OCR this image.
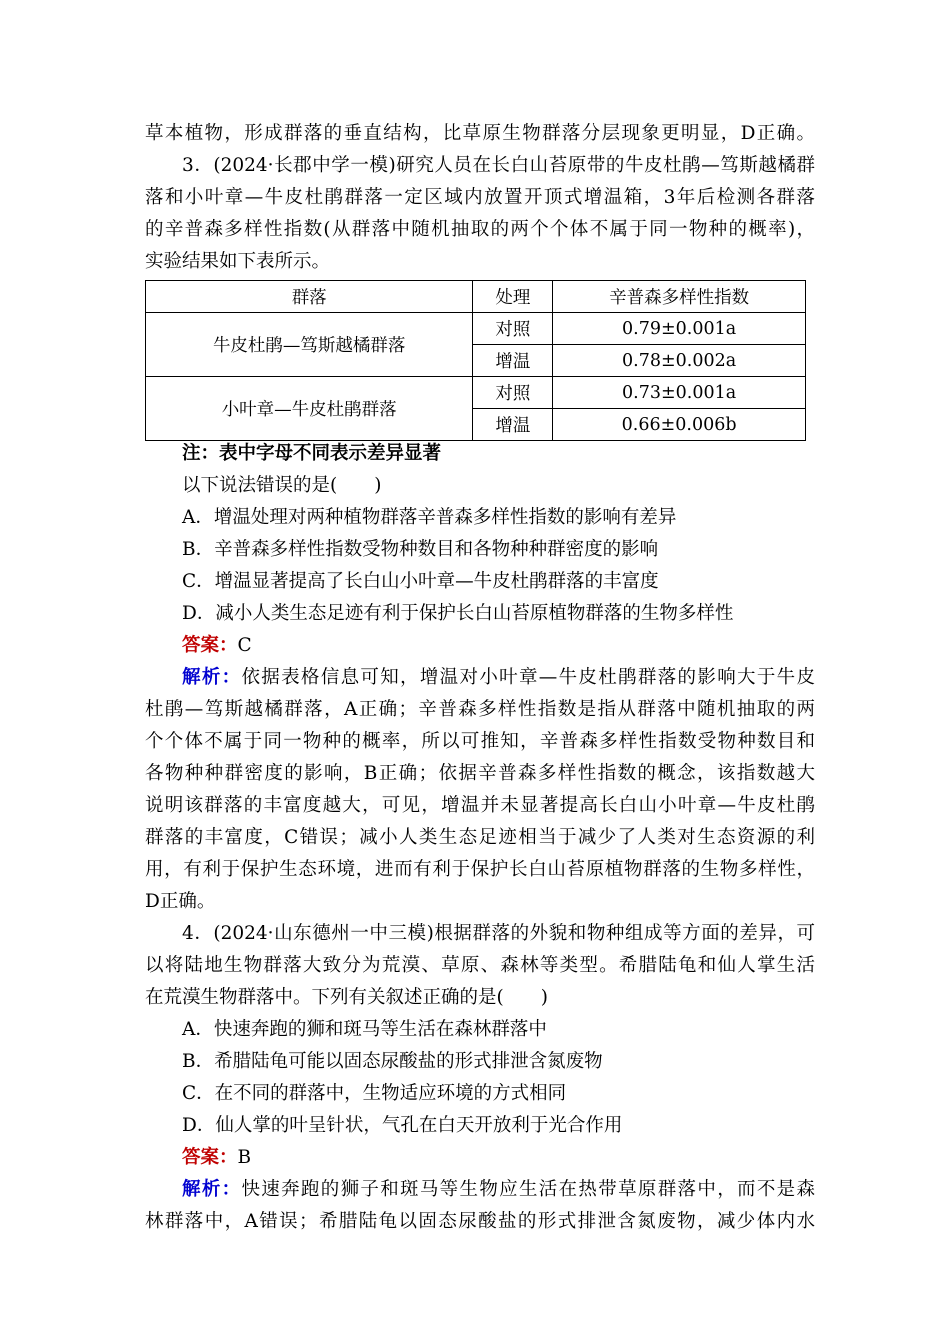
草本植物，形成群落的垂直结构，比草原生物群落分层现象更明显，D正确。
3．(2024·长郡中学一模)研究人员在长白山苔原带的牛皮杜鹃—笃斯越橘群
落和小叶章—牛皮杜鹃群落一定区域内放置开顶式增温箱，3年后检测各群落
的辛普森多样性指数(从群落中随机抽取的两个个体不属于同一物种的概率)，
实验结果如下表所示。
群落	处理	辛普森多样性指数
牛皮杜鹃—笃斯越橘群落	对照	0.79±0.001a
	增温	0.78±0.002a
小叶章—牛皮杜鹃群落	对照	0.73±0.001a
	增温	0.66±0.006b
注：表中字母不同表示差异显著
以下说法错误的是(　　)
A．增温处理对两种植物群落辛普森多样性指数的影响有差异
B．辛普森多样性指数受物种数目和各物种种群密度的影响
C．增温显著提高了长白山小叶章—牛皮杜鹃群落的丰富度
D．减小人类生态足迹有利于保护长白山苔原植物群落的生物多样性
答案：C
解析：依据表格信息可知，增温对小叶章—牛皮杜鹃群落的影响大于牛皮
杜鹃—笃斯越橘群落，A正确；辛普森多样性指数是指从群落中随机抽取的两
个个体不属于同一物种的概率，所以可推知，辛普森多样性指数受物种数目和
各物种种群密度的影响，B正确；依据辛普森多样性指数的概念，该指数越大
说明该群落的丰富度越大，可见，增温并未显著提高长白山小叶章—牛皮杜鹃
群落的丰富度，C错误；减小人类生态足迹相当于减少了人类对生态资源的利
用，有利于保护生态环境，进而有利于保护长白山苔原植物群落的生物多样性，
D正确。
4．(2024·山东德州一中三模)根据群落的外貌和物种组成等方面的差异，可
以将陆地生物群落大致分为荒漠、草原、森林等类型。希腊陆龟和仙人掌生活
在荒漠生物群落中。下列有关叙述正确的是(　　)
A．快速奔跑的狮和斑马等生活在森林群落中
B．希腊陆龟可能以固态尿酸盐的形式排泄含氮废物
C．在不同的群落中，生物适应环境的方式相同
D．仙人掌的叶呈针状，气孔在白天开放利于光合作用
答案：B
解析：快速奔跑的狮子和斑马等生物应生活在热带草原群落中，而不是森
林群落中，A错误；希腊陆龟以固态尿酸盐的形式排泄含氮废物，减少体内水
